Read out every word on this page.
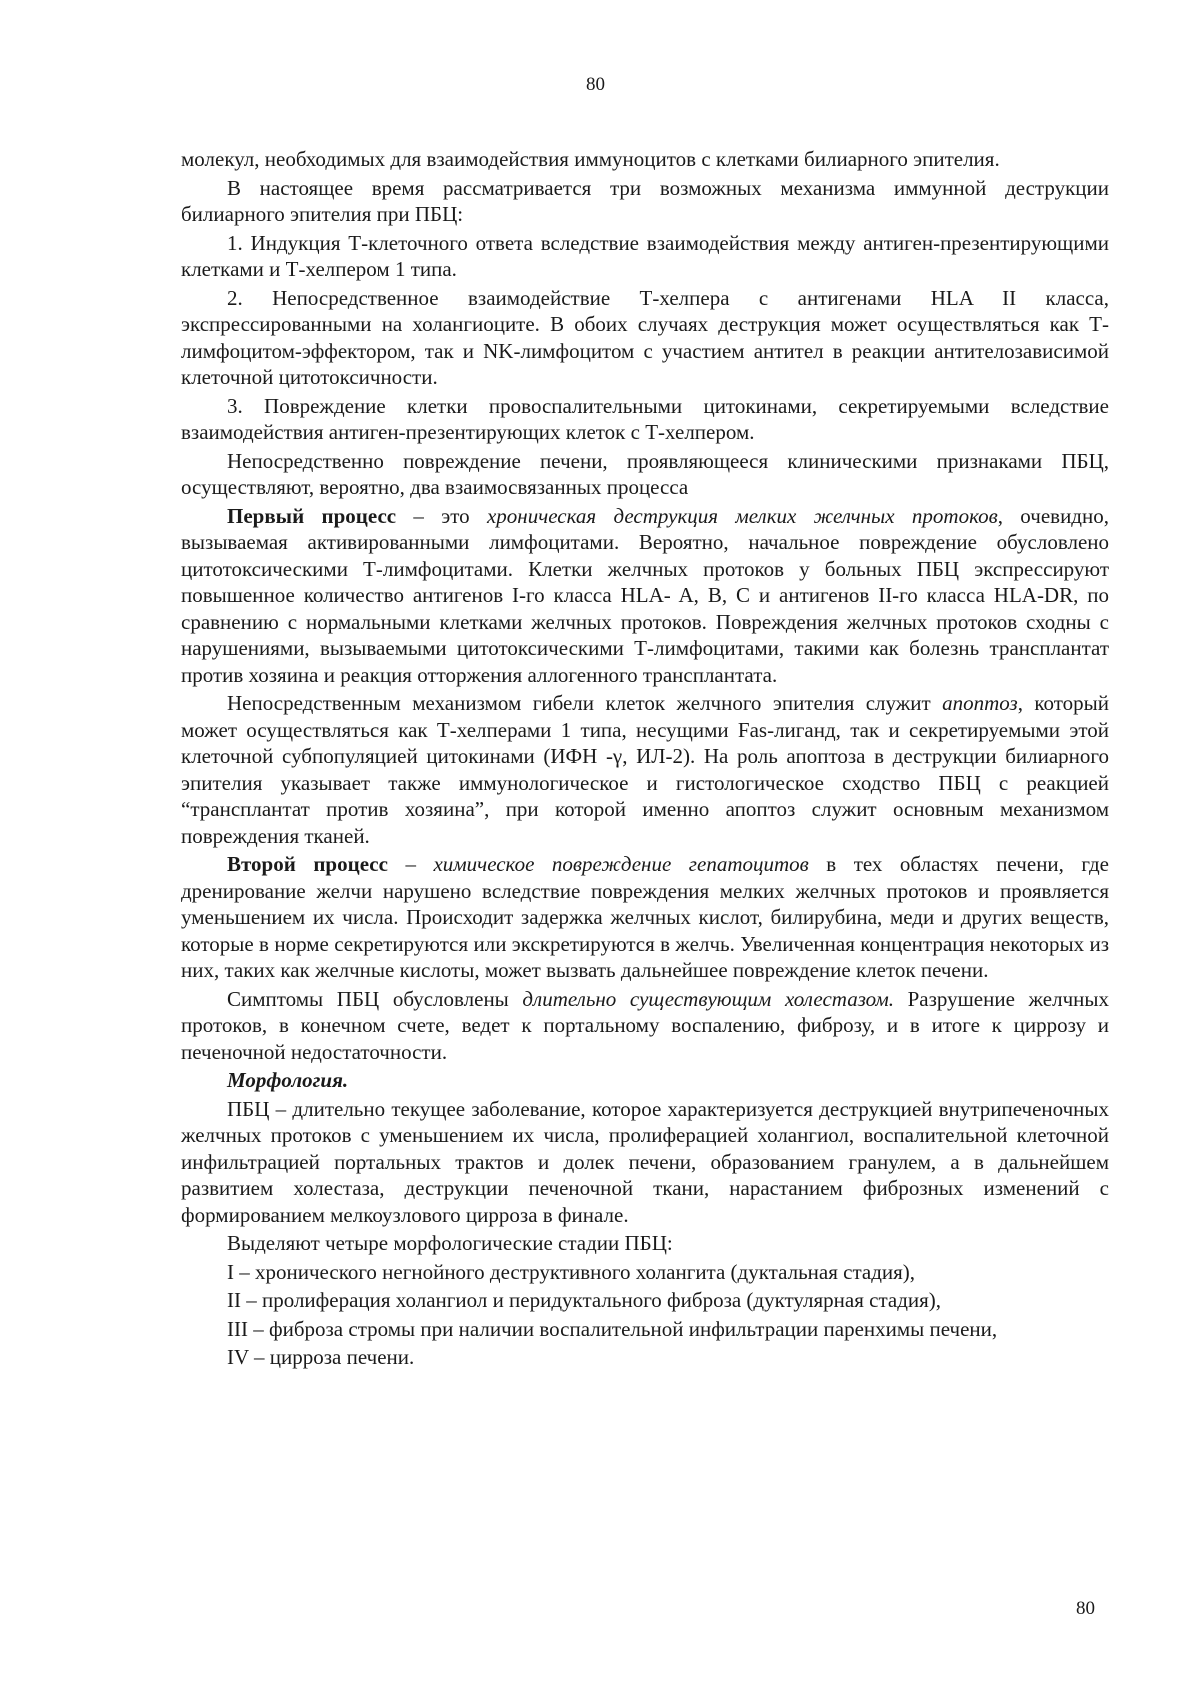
80

молекул, необходимых для взаимодействия иммуноцитов с клетками билиарного эпителия.

В настоящее время рассматривается три возможных механизма иммунной деструкции билиарного эпителия при ПБЦ:

1. Индукция Т-клеточного ответа вследствие взаимодействия между антиген-презентирующими клетками и Т-хелпером 1 типа.

2. Непосредственное взаимодействие Т-хелпера с антигенами HLA II класса, экспрессированными на холангиоците. В обоих случаях деструкция может осуществляться как Т-лимфоцитом-эффектором, так и NK-лимфоцитом с участием антител в реакции антителозависимой клеточной цитотоксичности.

3. Повреждение клетки провоспалительными цитокинами, секретируемыми вследствие взаимодействия антиген-презентирующих клеток с Т-хелпером.

Непосредственно повреждение печени, проявляющееся клиническими признаками ПБЦ, осуществляют, вероятно, два взаимосвязанных процесса

Первый процесс – это хроническая деструкция мелких желчных протоков, очевидно, вызываемая активированными лимфоцитами. Вероятно, начальное повреждение обусловлено цитотоксическими Т-лимфоцитами. Клетки желчных протоков у больных ПБЦ экспрессируют повышенное количество антигенов I-го класса HLA- A, B, C и антигенов II-го класса HLA-DR, по сравнению с нормальными клетками желчных протоков. Повреждения желчных протоков сходны с нарушениями, вызываемыми цитотоксическими Т-лимфоцитами, такими как болезнь трансплантат против хозяина и реакция отторжения аллогенного трансплантата.

Непосредственным механизмом гибели клеток желчного эпителия служит апоптоз, который может осуществляться как Т-хелперами 1 типа, несущими Fas-лиганд, так и секретируемыми этой клеточной субпопуляцией цитокинами (ИФН -γ, ИЛ-2). На роль апоптоза в деструкции билиарного эпителия указывает также иммунологическое и гистологическое сходство ПБЦ с реакцией “трансплантат против хозяина”, при которой именно апоптоз служит основным механизмом повреждения тканей.

Второй процесс – химическое повреждение гепатоцитов в тех областях печени, где дренирование желчи нарушено вследствие повреждения мелких желчных протоков и проявляется уменьшением их числа. Происходит задержка желчных кислот, билирубина, меди и других веществ, которые в норме секретируются или экскретируются в желчь. Увеличенная концентрация некоторых из них, таких как желчные кислоты, может вызвать дальнейшее повреждение клеток печени.

Симптомы ПБЦ обусловлены длительно существующим холестазом. Разрушение желчных протоков, в конечном счете, ведет к портальному воспалению, фиброзу, и в итоге к циррозу и печеночной недостаточности.

Морфология.

ПБЦ – длительно текущее заболевание, которое характеризуется деструкцией внутрипеченочных желчных протоков с уменьшением их числа, пролиферацией холангиол, воспалительной клеточной инфильтрацией портальных трактов и долек печени, образованием гранулем, а в дальнейшем развитием холестаза, деструкции печеночной ткани, нарастанием фиброзных изменений с формированием мелкоузлового цирроза в финале.

Выделяют четыре морфологические стадии ПБЦ:

I – хронического негнойного деструктивного холангита (дуктальная стадия),

II – пролиферация холангиол и перидуктального фиброза (дуктулярная стадия),

III – фиброза стромы при наличии воспалительной инфильтрации паренхимы печени,

IV – цирроза печени.

80
